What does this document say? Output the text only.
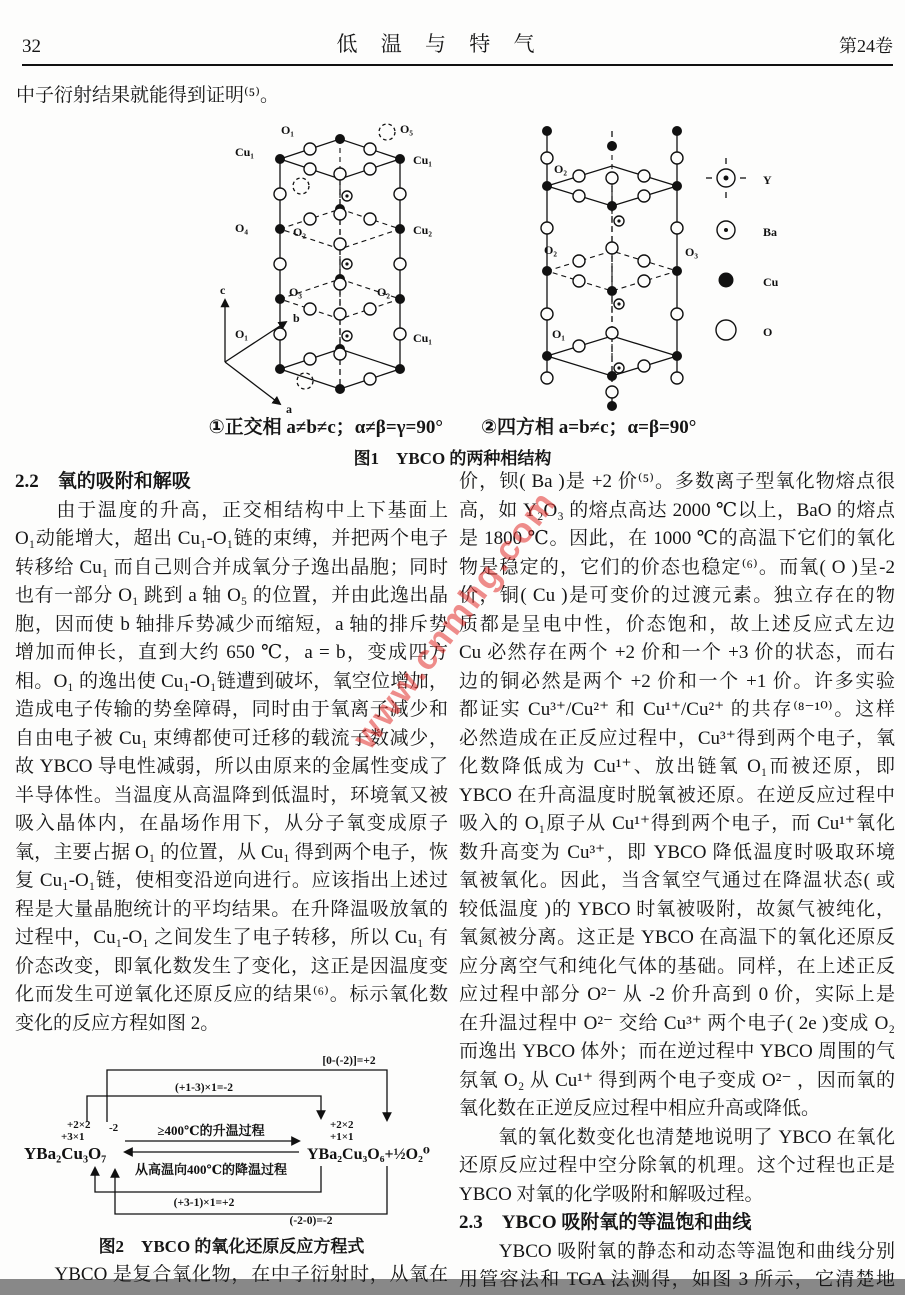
32	低 温 与 特 气	第24卷
中子衍射结果就能得到证明⁽⁵⁾。
c
b
a
O₁
Cu₁
O₅
Cu₁
O₄	O₂	Cu₂
O₃	O₂
O₁	Cu₁
O₂
O₃
O₂
O₁
Y
Ba
Cu
O
①正交相 a≠b≠c；α≠β=γ=90°　　②四方相 a=b≠c；α=β=90°
图1　YBCO 的两种相结构
2.2　氧的吸附和解吸
　　由于温度的升高，正交相结构中上下基面上
O₁动能增大，超出 Cu₁-O₁链的束缚，并把两个电子
转移给 Cu₁ 而自己则合并成氧分子逸出晶胞；同时
也有一部分 O₁ 跳到 a 轴 O₅ 的位置，并由此逸出晶
胞，因而使 b 轴排斥势减少而缩短，a 轴的排斥势
增加而伸长，直到大约 650 ℃，a = b，变成四方
相。O₁ 的逸出使 Cu₁-O₁链遭到破坏，氧空位增加，
造成电子传输的势垒障碍，同时由于氧离子减少和
自由电子被 Cu₁ 束缚都使可迁移的载流子数减少，
故 YBCO 导电性减弱，所以由原来的金属性变成了
半导体性。当温度从高温降到低温时，环境氧又被
吸入晶体内，在晶场作用下，从分子氧变成原子
氧，主要占据 O₁ 的位置，从 Cu₁ 得到两个电子，恢
复 Cu₁-O₁链，使相变沿逆向进行。应该指出上述过
程是大量晶胞统计的平均结果。在升降温吸放氧的
过程中，Cu₁-O₁ 之间发生了电子转移，所以 Cu₁ 有
价态改变，即氧化数发生了变化，这正是因温度变
化而发生可逆氧化还原反应的结果⁽⁶⁾。标示氧化数
变化的反应方程如图 2。
YBa₂Cu₃O₇	YBa₂Cu₃O₆+½O₂⁰
+2×2
+3×1
-2	+2×2
+1×1
≥400℃的升温过程
从高温向400℃的降温过程
[0-(-2)]=+2
(+1-3)×1=-2
(+3-1)×1=+2
(-2-0)=-2
图2　YBCO 的氧化还原反应方程式
　　YBCO 是复合氧化物，在中子衍射时，从氧在
价，钡( Ba )是 +2 价⁽⁵⁾。多数离子型氧化物熔点很
高，如 Y₂O₃ 的熔点高达 2000 ℃以上，BaO 的熔点
是 1800 ℃。因此，在 1000 ℃的高温下它们的氧化
物是稳定的，它们的价态也稳定⁽⁶⁾。而氧( O )呈-2
价，铜( Cu )是可变价的过渡元素。独立存在的物
质都是呈电中性，价态饱和，故上述反应式左边
Cu 必然存在两个 +2 价和一个 +3 价的状态，而右
边的铜必然是两个 +2 价和一个 +1 价。许多实验
都证实 Cu³⁺/Cu²⁺ 和 Cu¹⁺/Cu²⁺ 的共存⁽⁸⁻¹⁰⁾。这样
必然造成在正反应过程中，Cu³⁺得到两个电子，氧
化数降低成为 Cu¹⁺、放出链氧 O₁而被还原，即
YBCO 在升高温度时脱氧被还原。在逆反应过程中
吸入的 O₁原子从 Cu¹⁺得到两个电子，而 Cu¹⁺氧化
数升高变为 Cu³⁺，即 YBCO 降低温度时吸取环境
氧被氧化。因此，当含氧空气通过在降温状态( 或
较低温度 )的 YBCO 时氧被吸附，故氮气被纯化，
氧氮被分离。这正是 YBCO 在高温下的氧化还原反
应分离空气和纯化气体的基础。同样，在上述正反
应过程中部分 O²⁻ 从 -2 价升高到 0 价，实际上是
在升温过程中 O²⁻ 交给 Cu³⁺ 两个电子( 2e )变成 O₂
而逸出 YBCO 体外；而在逆过程中 YBCO 周围的气
氛氧 O₂ 从 Cu¹⁺ 得到两个电子变成 O²⁻ ，因而氧的
氧化数在正逆反应过程中相应升高或降低。
　　氧的氧化数变化也清楚地说明了 YBCO 在氧化
还原反应过程中空分除氧的机理。这个过程也正是
YBCO 对氧的化学吸附和解吸过程。
2.3　YBCO 吸附氧的等温饱和曲线
　　YBCO 吸附氧的静态和动态等温饱和曲线分别
用管容法和 TGA 法测得，如图 3 所示，它清楚地
www.cnmhg.com
